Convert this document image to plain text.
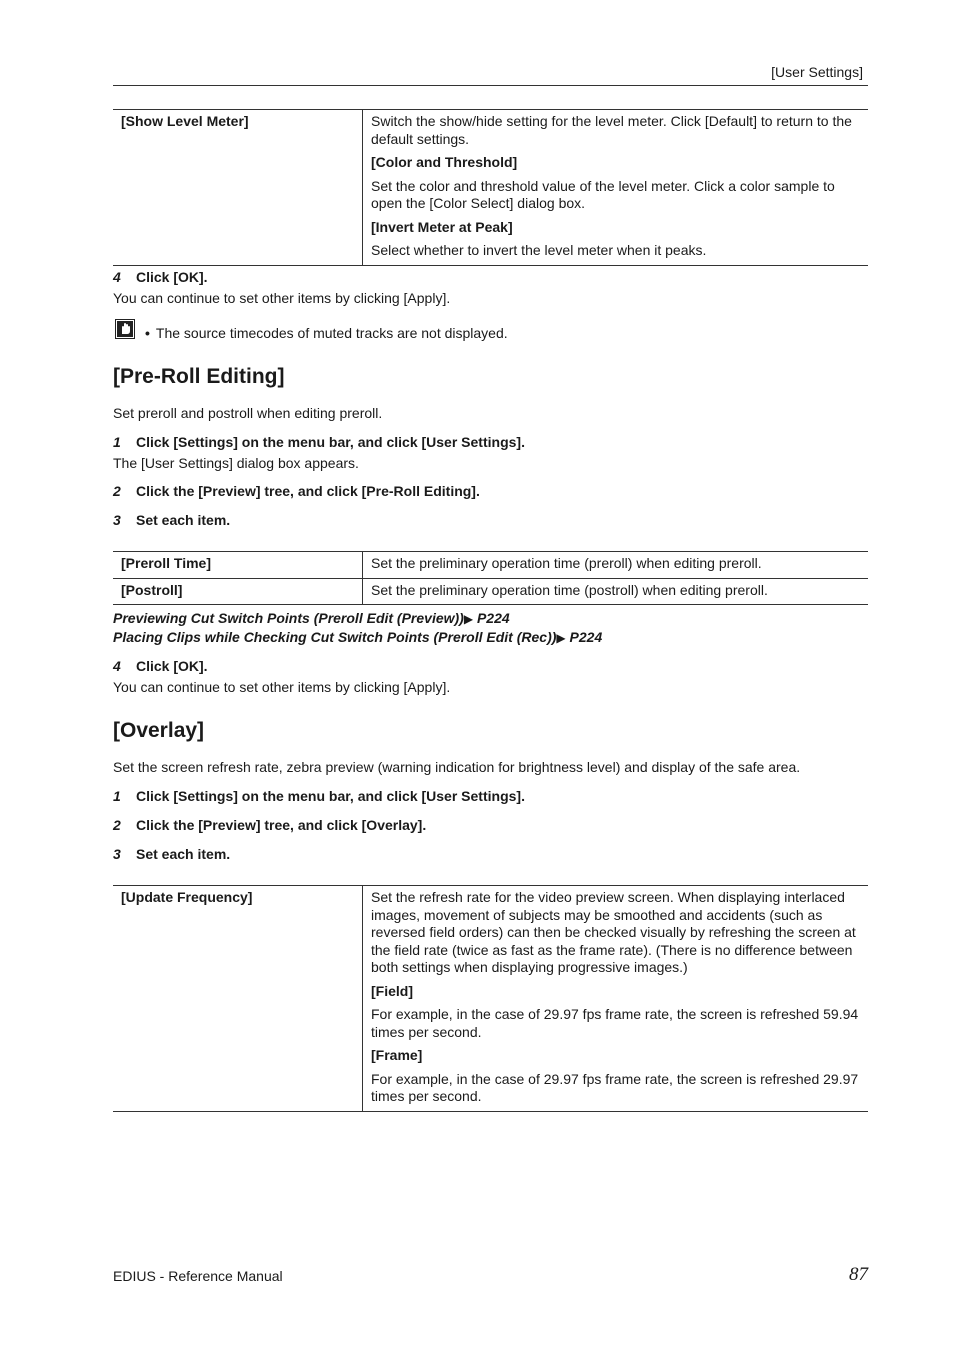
[User Settings]
[Show Level Meter]	Switch the show/hide setting for the level meter. Click [Default] to return to the default settings.

[Color and Threshold]

Set the color and threshold value of the level meter. Click a color sample to open the [Color Select] dialog box.

[Invert Meter at Peak]

Select whether to invert the level meter when it peaks.

4 Click [OK].
You can continue to set other items by clicking [Apply].
• The source timecodes of muted tracks are not displayed.
[Pre-Roll Editing]
Set preroll and postroll when editing preroll.
1 Click [Settings] on the menu bar, and click [User Settings].
The [User Settings] dialog box appears.
2 Click the [Preview] tree, and click [Pre-Roll Editing].
3 Set each item.
[Preroll Time]	Set the preliminary operation time (preroll) when editing preroll.
[Postroll]	Set the preliminary operation time (postroll) when editing preroll.
Previewing Cut Switch Points (Preroll Edit (Preview))▶ P224
Placing Clips while Checking Cut Switch Points (Preroll Edit (Rec))▶ P224
4 Click [OK].
You can continue to set other items by clicking [Apply].
[Overlay]
Set the screen refresh rate, zebra preview (warning indication for brightness level) and display of the safe area.
1 Click [Settings] on the menu bar, and click [User Settings].
2 Click the [Preview] tree, and click [Overlay].
3 Set each item.
[Update Frequency]	Set the refresh rate for the video preview screen. When displaying interlaced images, movement of subjects may be smoothed and accidents (such as reversed field orders) can then be checked visually by refreshing the screen at the field rate (twice as fast as the frame rate). (There is no difference between both settings when displaying progressive images.)

[Field]

For example, in the case of 29.97 fps frame rate, the screen is refreshed 59.94 times per second.

[Frame]

For example, in the case of 29.97 fps frame rate, the screen is refreshed 29.97 times per second.

EDIUS - Reference Manual	87
